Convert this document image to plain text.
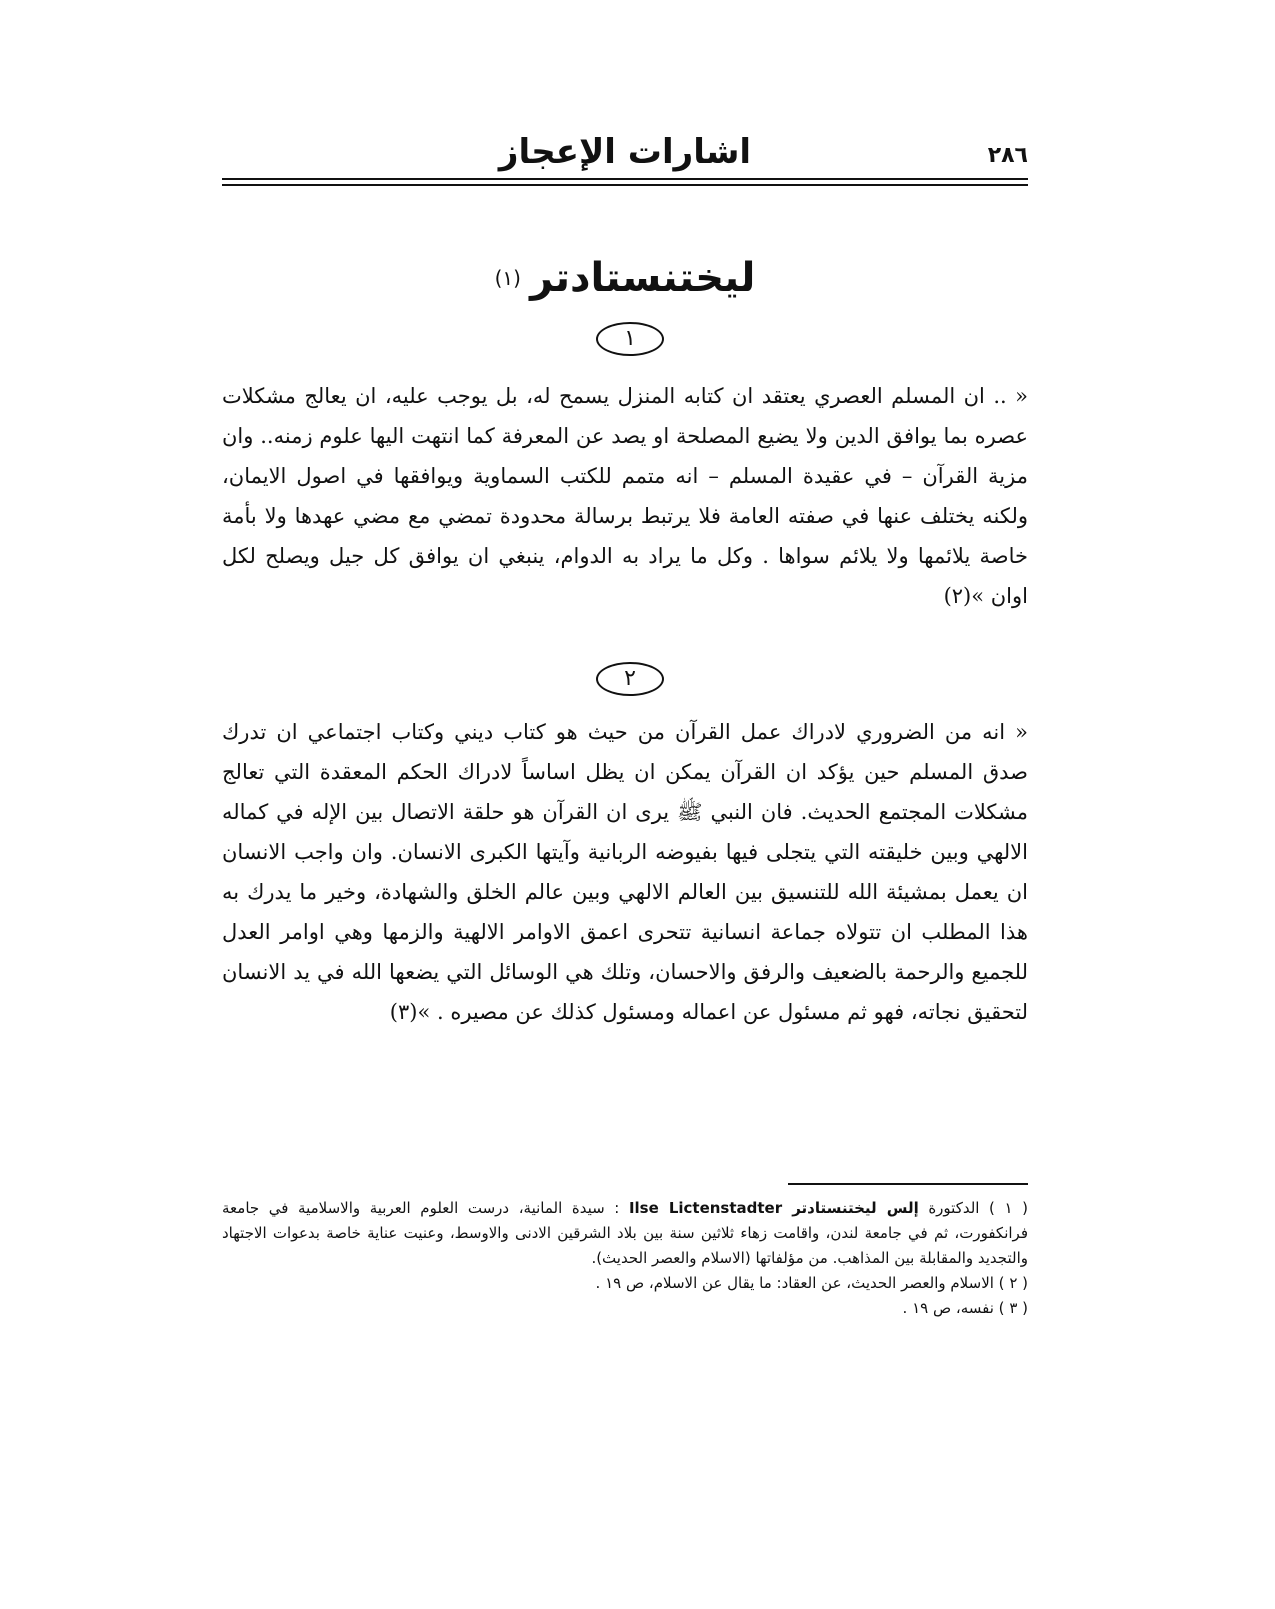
اشارات الإعجاز	٢٨٦
ليختنستادتر (١)
١
« .. ان المسلم العصري يعتقد ان كتابه المنزل يسمح له، بل يوجب عليه، ان يعالج مشكلات عصره بما يوافق الدين ولا يضيع المصلحة او يصد عن المعرفة كما انتهت اليها علوم زمنه.. وان مزية القرآن – في عقيدة المسلم – انه متمم للكتب السماوية ويوافقها في اصول الايمان، ولكنه يختلف عنها في صفته العامة فلا يرتبط برسالة محدودة تمضي مع مضي عهدها ولا بأمة خاصة يلائمها ولا يلائم سواها . وكل ما يراد به الدوام، ينبغي ان يوافق كل جيل ويصلح لكل اوان »(٢)
٢
« انه من الضروري لادراك عمل القرآن من حيث هو كتاب ديني وكتاب اجتماعي ان تدرك صدق المسلم حين يؤكد ان القرآن يمكن ان يظل اساساً لادراك الحكم المعقدة التي تعالج مشكلات المجتمع الحديث. فان النبي ﷺ يرى ان القرآن هو حلقة الاتصال بين الإله في كماله الالهي وبين خليقته التي يتجلى فيها بفيوضه الربانية وآيتها الكبرى الانسان. وان واجب الانسان ان يعمل بمشيئة الله للتنسيق بين العالم الالهي وبين عالم الخلق والشهادة، وخير ما يدرك به هذا المطلب ان تتولاه جماعة انسانية تتحرى اعمق الاوامر الالهية والزمها وهي اوامر العدل للجميع والرحمة بالضعيف والرفق والاحسان، وتلك هي الوسائل التي يضعها الله في يد الانسان لتحقيق نجاته، فهو ثم مسئول عن اعماله ومسئول كذلك عن مصيره . »(٣)

( ١ ) الدكتورة إلس ليختنستادتر Ilse Lictenstadter : سيدة المانية، درست العلوم العربية والاسلامية في جامعة فرانكفورت، ثم في جامعة لندن، واقامت زهاء ثلاثين سنة بين بلاد الشرقين الادنى والاوسط، وعنيت عناية خاصة بدعوات الاجتهاد والتجديد والمقابلة بين المذاهب. من مؤلفاتها (الاسلام والعصر الحديث).

( ٢ ) الاسلام والعصر الحديث، عن العقاد: ما يقال عن الاسلام، ص ١٩ .

( ٣ ) نفسه، ص ١٩ .
